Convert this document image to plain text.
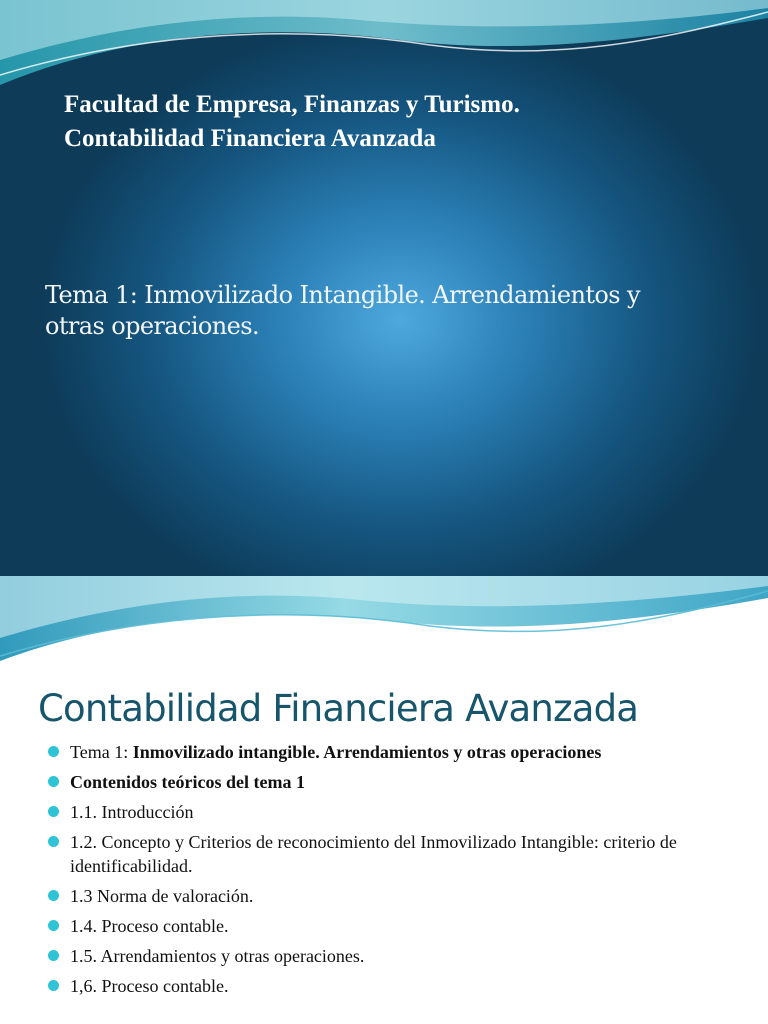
Facultad de Empresa, Finanzas y Turismo.
Contabilidad Financiera Avanzada
Tema 1: Inmovilizado Intangible. Arrendamientos y
otras operaciones.
Contabilidad Financiera Avanzada
Tema 1: Inmovilizado intangible. Arrendamientos y otras operaciones
Contenidos teóricos del tema 1
1.1. Introducción
1.2. Concepto y Criterios de reconocimiento del Inmovilizado Intangible: criterio de identificabilidad.
1.3 Norma de valoración.
1.4. Proceso contable.
1.5. Arrendamientos y otras operaciones.
1,6. Proceso contable.
